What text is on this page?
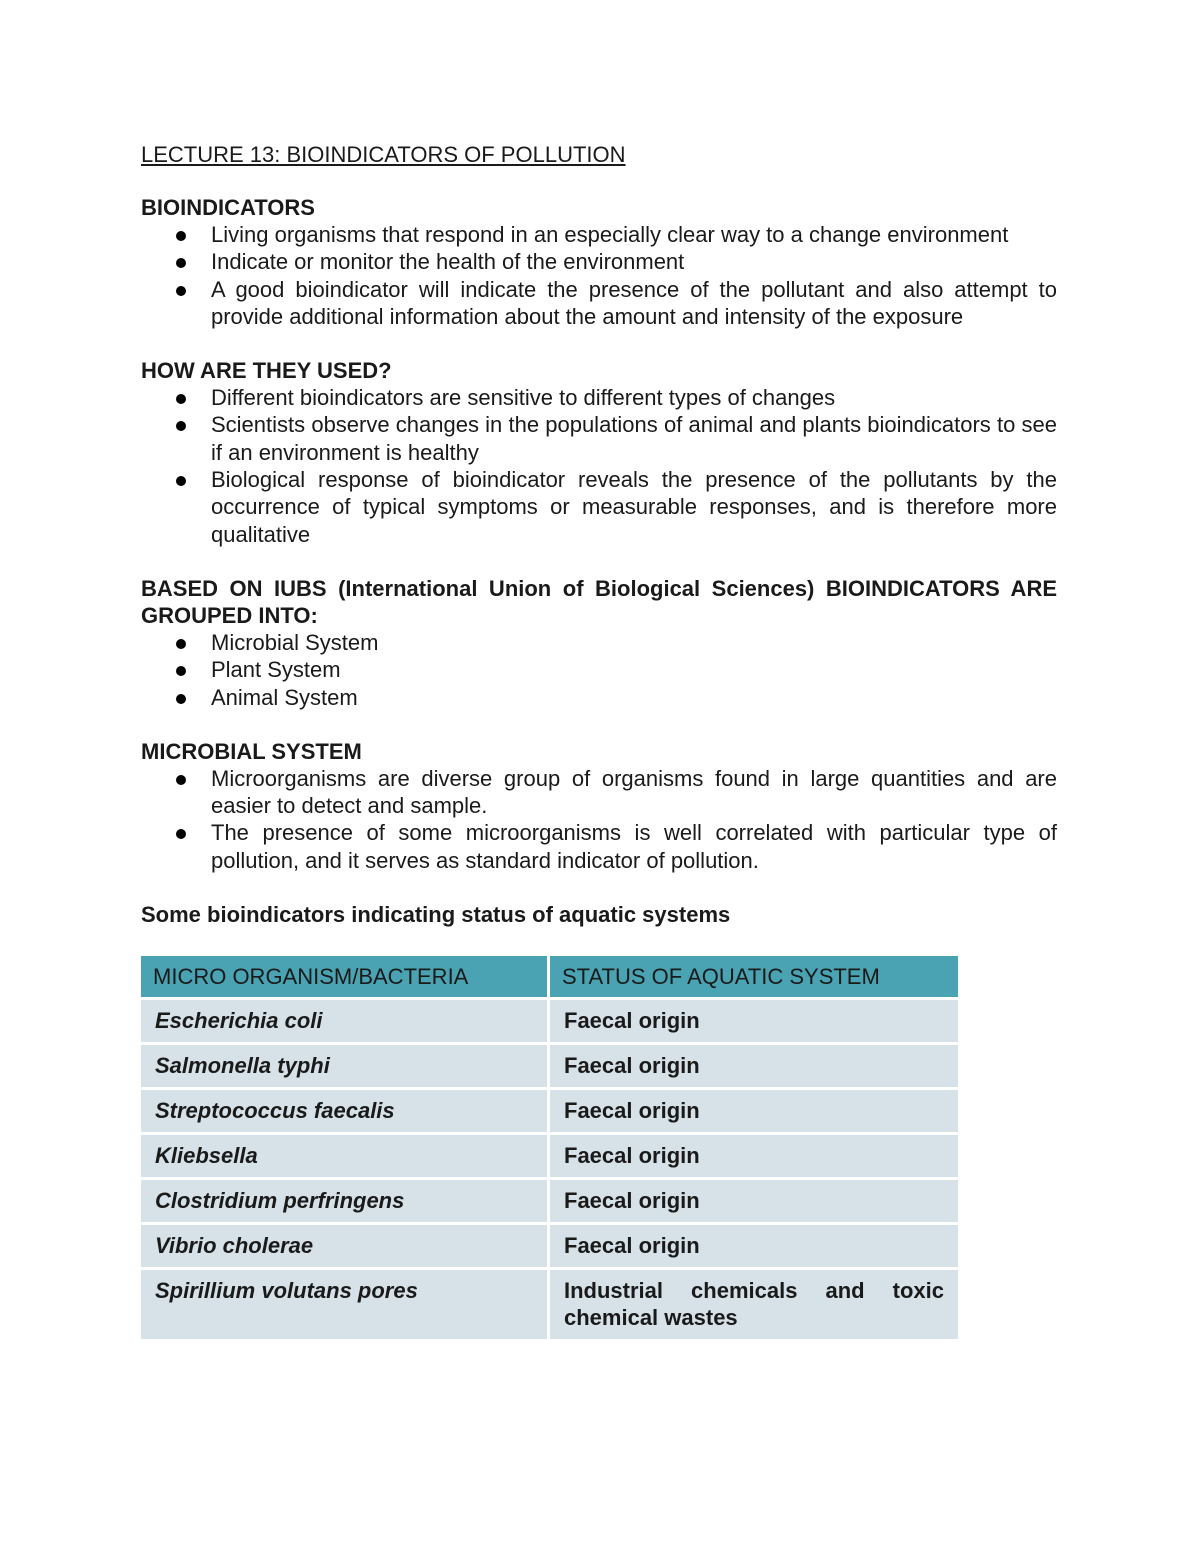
LECTURE 13: BIOINDICATORS OF POLLUTION
BIOINDICATORS
Living organisms that respond in an especially clear way to a change environment
Indicate or monitor the health of the environment
A good bioindicator will indicate the presence of the pollutant and also attempt to provide additional information about the amount and intensity of the exposure
HOW ARE THEY USED?
Different bioindicators are sensitive to different types of changes
Scientists observe changes in the populations of animal and plants bioindicators to see if an environment is healthy
Biological response of bioindicator reveals the presence of the pollutants by the occurrence of typical symptoms or measurable responses, and is therefore more qualitative
BASED ON IUBS (International Union of Biological Sciences) BIOINDICATORS ARE GROUPED INTO:
Microbial System
Plant System
Animal System
MICROBIAL SYSTEM
Microorganisms are diverse group of organisms found in large quantities and are easier to detect and sample.
The presence of some microorganisms is well correlated with particular type of pollution, and it serves as standard indicator of pollution.
Some bioindicators indicating status of aquatic systems
MICRO ORGANISM/BACTERIA	STATUS OF AQUATIC SYSTEM
Escherichia coli	Faecal origin
Salmonella typhi	Faecal origin
Streptococcus faecalis	Faecal origin
Kliebsella	Faecal origin
Clostridium perfringens	Faecal origin
Vibrio cholerae	Faecal origin
Spirillium volutans pores	Industrial chemicals and toxic chemical wastes
